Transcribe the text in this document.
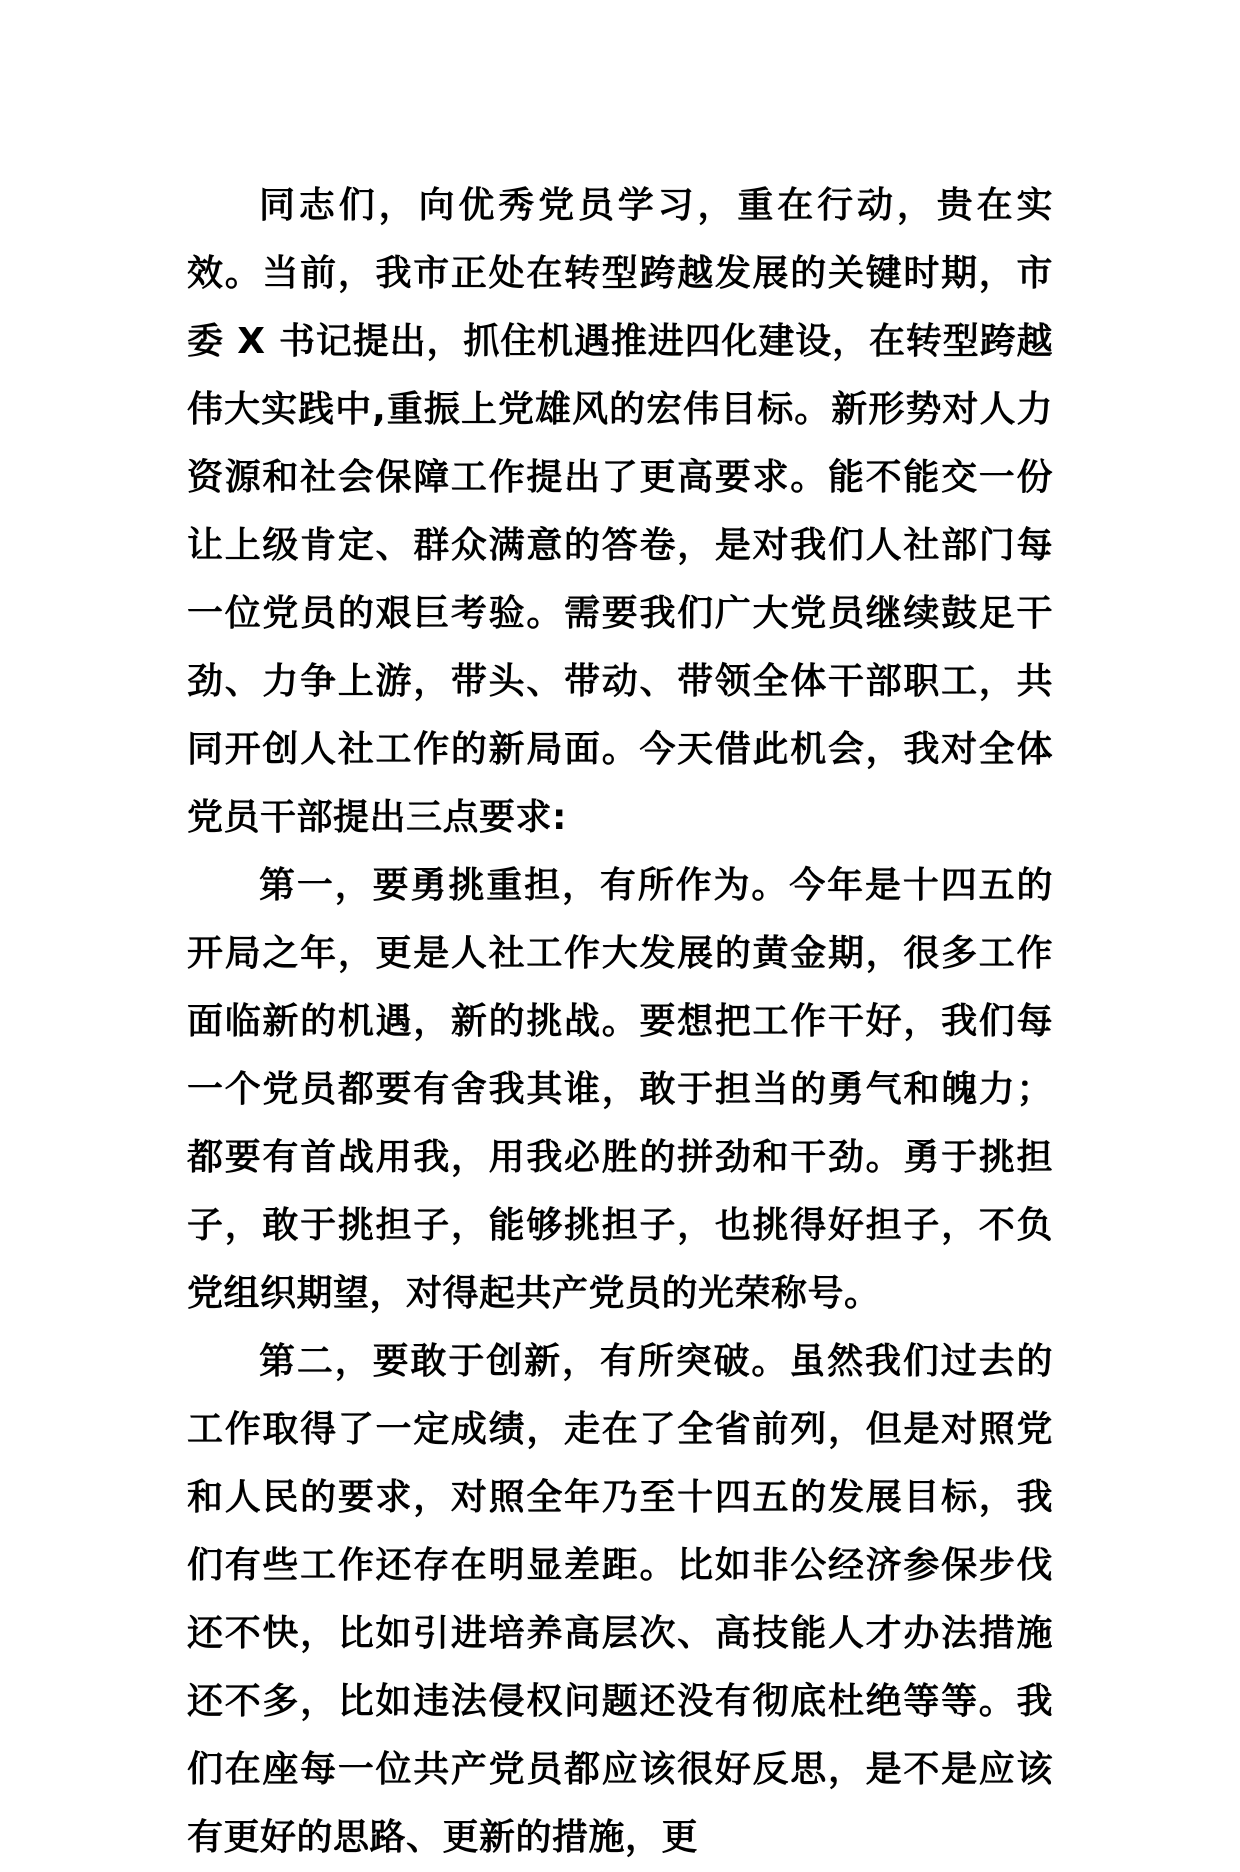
同志们，向优秀党员学习，重在行动，贵在实效。当前，我市正处在转型跨越发展的关键时期，市委 X 书记提出，抓住机遇推进四化建设，在转型跨越伟大实践中,重振上党雄风的宏伟目标。新形势对人力资源和社会保障工作提出了更高要求。能不能交一份让上级肯定、群众满意的答卷，是对我们人社部门每一位党员的艰巨考验。需要我们广大党员继续鼓足干劲、力争上游，带头、带动、带领全体干部职工，共同开创人社工作的新局面。今天借此机会，我对全体党员干部提出三点要求:

第一，要勇挑重担，有所作为。今年是十四五的开局之年，更是人社工作大发展的黄金期，很多工作面临新的机遇，新的挑战。要想把工作干好，我们每一个党员都要有舍我其谁，敢于担当的勇气和魄力；都要有首战用我，用我必胜的拼劲和干劲。勇于挑担子，敢于挑担子，能够挑担子，也挑得好担子，不负党组织期望，对得起共产党员的光荣称号。

第二，要敢于创新，有所突破。虽然我们过去的工作取得了一定成绩，走在了全省前列，但是对照党和人民的要求，对照全年乃至十四五的发展目标，我们有些工作还存在明显差距。比如非公经济参保步伐还不快，比如引进培养高层次、高技能人才办法措施还不多，比如违法侵权问题还没有彻底杜绝等等。我们在座每一位共产党员都应该很好反思，是不是应该有更好的思路、更新的措施，更
